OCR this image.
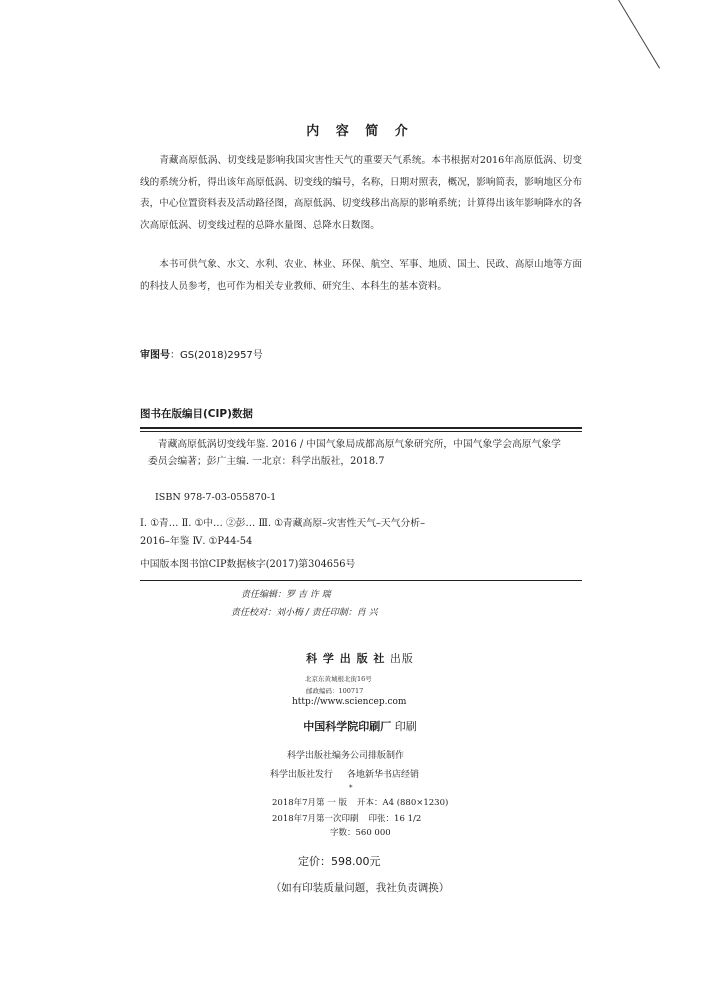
内 容 简 介

青藏高原低涡、切变线是影响我国灾害性天气的重要天气系统。本书根据对2016年高原低涡、切变线的系统分析，得出该年高原低涡、切变线的编号，名称，日期对照表，概况，影响简表，影响地区分布表，中心位置资料表及活动路径图，高原低涡、切变线移出高原的影响系统；计算得出该年影响降水的各次高原低涡、切变线过程的总降水量图、总降水日数图。

本书可供气象、水文、水利、农业、林业、环保、航空、军事、地质、国土、民政、高原山地等方面的科技人员参考，也可作为相关专业教师、研究生、本科生的基本资料。

审图号：GS(2018)2957号
图书在版编目(CIP)数据
青藏高原低涡切变线年鉴. 2016 / 中国气象局成都高原气象研究所，中国气象学会高原气象学委员会编著；彭广主编. 一北京：科学出版社，2018.7
ISBN 978-7-03-055870-1
Ⅰ. ①青… Ⅱ. ①中… ②彭… Ⅲ. ①青藏高原–灾害性天气–天气分析–
2016–年鉴 Ⅳ. ①P44-54
中国版本图书馆CIP数据核字(2017)第304656号
责任编辑：罗 吉 许 瑞
责任校对：刘小梅 / 责任印制：肖 兴
科 学 出 版 社 出版
北京东黄城根北街16号
邮政编码：100717
http://www.sciencep.com
中国科学院印刷厂 印刷
科学出版社编务公司排版制作
科学出版社发行 各地新华书店经销
*
2018年7月第 一 版 开本：A4 (880×1230)
2018年7月第一次印刷 印张：16 1/2
字数：560 000
定价：598.00元
（如有印装质量问题，我社负责调换）
